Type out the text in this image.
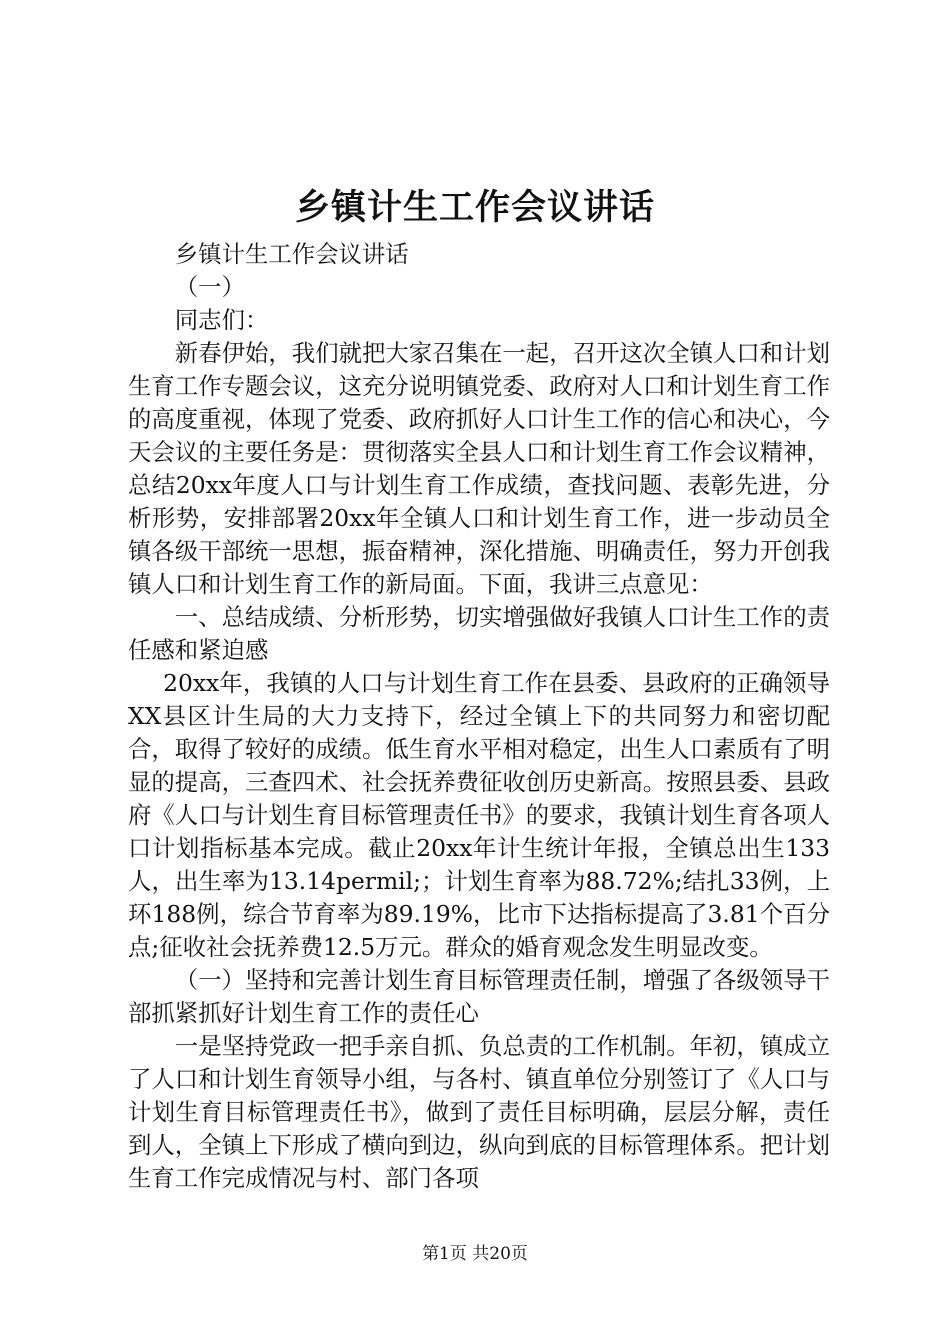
乡镇计生工作会议讲话

乡镇计生工作会议讲话

（一）

同志们：

新春伊始，我们就把大家召集在一起，召开这次全镇人口和计划生育工作专题会议，这充分说明镇党委、政府对人口和计划生育工作的高度重视，体现了党委、政府抓好人口计生工作的信心和决心，今天会议的主要任务是：贯彻落实全县人口和计划生育工作会议精神，总结20xx年度人口与计划生育工作成绩，查找问题、表彰先进，分析形势，安排部署20xx年全镇人口和计划生育工作，进一步动员全镇各级干部统一思想，振奋精神，深化措施、明确责任，努力开创我镇人口和计划生育工作的新局面。下面，我讲三点意见：

一、总结成绩、分析形势，切实增强做好我镇人口计生工作的责任感和紧迫感

20xx年，我镇的人口与计划生育工作在县委、县政府的正确领导XX县区计生局的大力支持下，经过全镇上下的共同努力和密切配合，取得了较好的成绩。低生育水平相对稳定，出生人口素质有了明显的提高，三查四术、社会抚养费征收创历史新高。按照县委、县政府《人口与计划生育目标管理责任书》的要求，我镇计划生育各项人口计划指标基本完成。截止20xx年计生统计年报，全镇总出生133人，出生率为13.14permil;；计划生育率为88.72%;结扎33例，上环188例，综合节育率为89.19%，比市下达指标提高了3.81个百分点;征收社会抚养费12.5万元。群众的婚育观念发生明显改变。

（一）坚持和完善计划生育目标管理责任制，增强了各级领导干部抓紧抓好计划生育工作的责任心

一是坚持党政一把手亲自抓、负总责的工作机制。年初，镇成立了人口和计划生育领导小组，与各村、镇直单位分别签订了《人口与计划生育目标管理责任书》，做到了责任目标明确，层层分解，责任到人，全镇上下形成了横向到边，纵向到底的目标管理体系。把计划生育工作完成情况与村、部门各项

第1页 共20页
